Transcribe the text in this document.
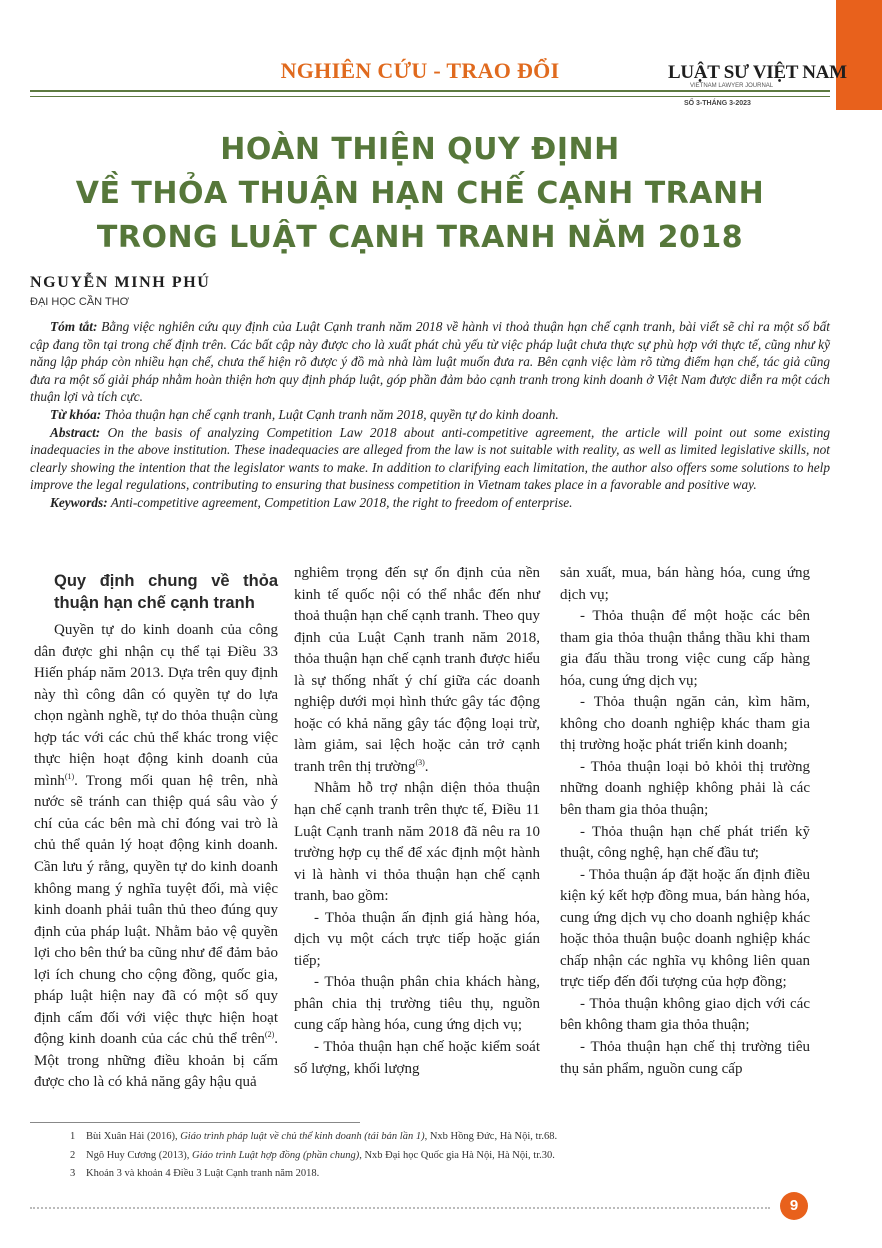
NGHIÊN CỨU - TRAO ĐỔI	LUẬT SƯ VIỆT NAM
VIETNAM LAWYER JOURNAL
SỐ 3-THÁNG 3-2023
HOÀN THIỆN QUY ĐỊNH
VỀ THỎA THUẬN HẠN CHẾ CẠNH TRANH
TRONG LUẬT CẠNH TRANH NĂM 2018
NGUYỄN MINH PHÚ
ĐẠI HỌC CẦN THƠ

Tóm tắt: Bằng việc nghiên cứu quy định của Luật Cạnh tranh năm 2018 về hành vi thoả thuận hạn chế cạnh tranh, bài viết sẽ chỉ ra một số bất cập đang tồn tại trong chế định trên. Các bất cập này được cho là xuất phát chủ yếu từ việc pháp luật chưa thực sự phù hợp với thực tế, cũng như kỹ năng lập pháp còn nhiều hạn chế, chưa thể hiện rõ được ý đồ mà nhà làm luật muốn đưa ra. Bên cạnh việc làm rõ từng điểm hạn chế, tác giả cũng đưa ra một số giải pháp nhằm hoàn thiện hơn quy định pháp luật, góp phần đảm bảo cạnh tranh trong kinh doanh ở Việt Nam được diễn ra một cách thuận lợi và tích cực.

Từ khóa: Thỏa thuận hạn chế cạnh tranh, Luật Cạnh tranh năm 2018, quyền tự do kinh doanh.

Abstract: On the basis of analyzing Competition Law 2018 about anti-competitive agreement, the article will point out some existing inadequacies in the above institution. These inadequacies are alleged from the law is not suitable with reality, as well as limited legislative skills, not clearly showing the intention that the legislator wants to make. In addition to clarifying each limitation, the author also offers some solutions to help improve the legal regulations, contributing to ensuring that business competition in Vietnam takes place in a favorable and positive way.

Keywords: Anti-competitive agreement, Competition Law 2018, the right to freedom of enterprise.

Quy định chung về thỏa thuận hạn chế cạnh tranh

Quyền tự do kinh doanh của công dân được ghi nhận cụ thể tại Điều 33 Hiến pháp năm 2013. Dựa trên quy định này thì công dân có quyền tự do lựa chọn ngành nghề, tự do thỏa thuận cùng hợp tác với các chủ thể khác trong việc thực hiện hoạt động kinh doanh của mình$^{(1)}$. Trong mối quan hệ trên, nhà nước sẽ tránh can thiệp quá sâu vào ý chí của các bên mà chỉ đóng vai trò là chủ thể quản lý hoạt động kinh doanh. Cần lưu ý rằng, quyền tự do kinh doanh không mang ý nghĩa tuyệt đối, mà việc kinh doanh phải tuân thủ theo đúng quy định của pháp luật. Nhằm bảo vệ quyền lợi cho bên thứ ba cũng như để đảm bảo lợi ích chung cho cộng đồng, quốc gia, pháp luật hiện nay đã có một số quy định cấm đối với việc thực hiện hoạt động kinh doanh của các chủ thể trên$^{(2)}$. Một trong những điều khoản bị cấm được cho là có khả năng gây hậu quả

nghiêm trọng đến sự ổn định của nền kinh tế quốc nội có thể nhắc đến như thoả thuận hạn chế cạnh tranh. Theo quy định của Luật Cạnh tranh năm 2018, thỏa thuận hạn chế cạnh tranh được hiểu là sự thống nhất ý chí giữa các doanh nghiệp dưới mọi hình thức gây tác động hoặc có khả năng gây tác động loại trừ, làm giảm, sai lệch hoặc cản trở cạnh tranh trên thị trường$^{(3)}$.

Nhằm hỗ trợ nhận diện thỏa thuận hạn chế cạnh tranh trên thực tế, Điều 11 Luật Cạnh tranh năm 2018 đã nêu ra 10 trường hợp cụ thể để xác định một hành vi là hành vi thỏa thuận hạn chế cạnh tranh, bao gồm:

- Thỏa thuận ấn định giá hàng hóa, dịch vụ một cách trực tiếp hoặc gián tiếp;

- Thỏa thuận phân chia khách hàng, phân chia thị trường tiêu thụ, nguồn cung cấp hàng hóa, cung ứng dịch vụ;

- Thỏa thuận hạn chế hoặc kiểm soát số lượng, khối lượng

sản xuất, mua, bán hàng hóa, cung ứng dịch vụ;

- Thỏa thuận để một hoặc các bên tham gia thỏa thuận thắng thầu khi tham gia đấu thầu trong việc cung cấp hàng hóa, cung ứng dịch vụ;

- Thỏa thuận ngăn cản, kìm hãm, không cho doanh nghiệp khác tham gia thị trường hoặc phát triển kinh doanh;

- Thỏa thuận loại bỏ khỏi thị trường những doanh nghiệp không phải là các bên tham gia thỏa thuận;

- Thỏa thuận hạn chế phát triển kỹ thuật, công nghệ, hạn chế đầu tư;

- Thỏa thuận áp đặt hoặc ấn định điều kiện ký kết hợp đồng mua, bán hàng hóa, cung ứng dịch vụ cho doanh nghiệp khác hoặc thỏa thuận buộc doanh nghiệp khác chấp nhận các nghĩa vụ không liên quan trực tiếp đến đối tượng của hợp đồng;

- Thỏa thuận không giao dịch với các bên không tham gia thỏa thuận;

- Thỏa thuận hạn chế thị trường tiêu thụ sản phẩm, nguồn cung cấp

1 Bùi Xuân Hải (2016), Giáo trình pháp luật về chủ thể kinh doanh (tái bản lần 1), Nxb Hồng Đức, Hà Nội, tr.68.
2 Ngô Huy Cương (2013), Giáo trình Luật hợp đồng (phần chung), Nxb Đại học Quốc gia Hà Nội, Hà Nội, tr.30.
3 Khoản 3 và khoản 4 Điều 3 Luật Cạnh tranh năm 2018.
9
